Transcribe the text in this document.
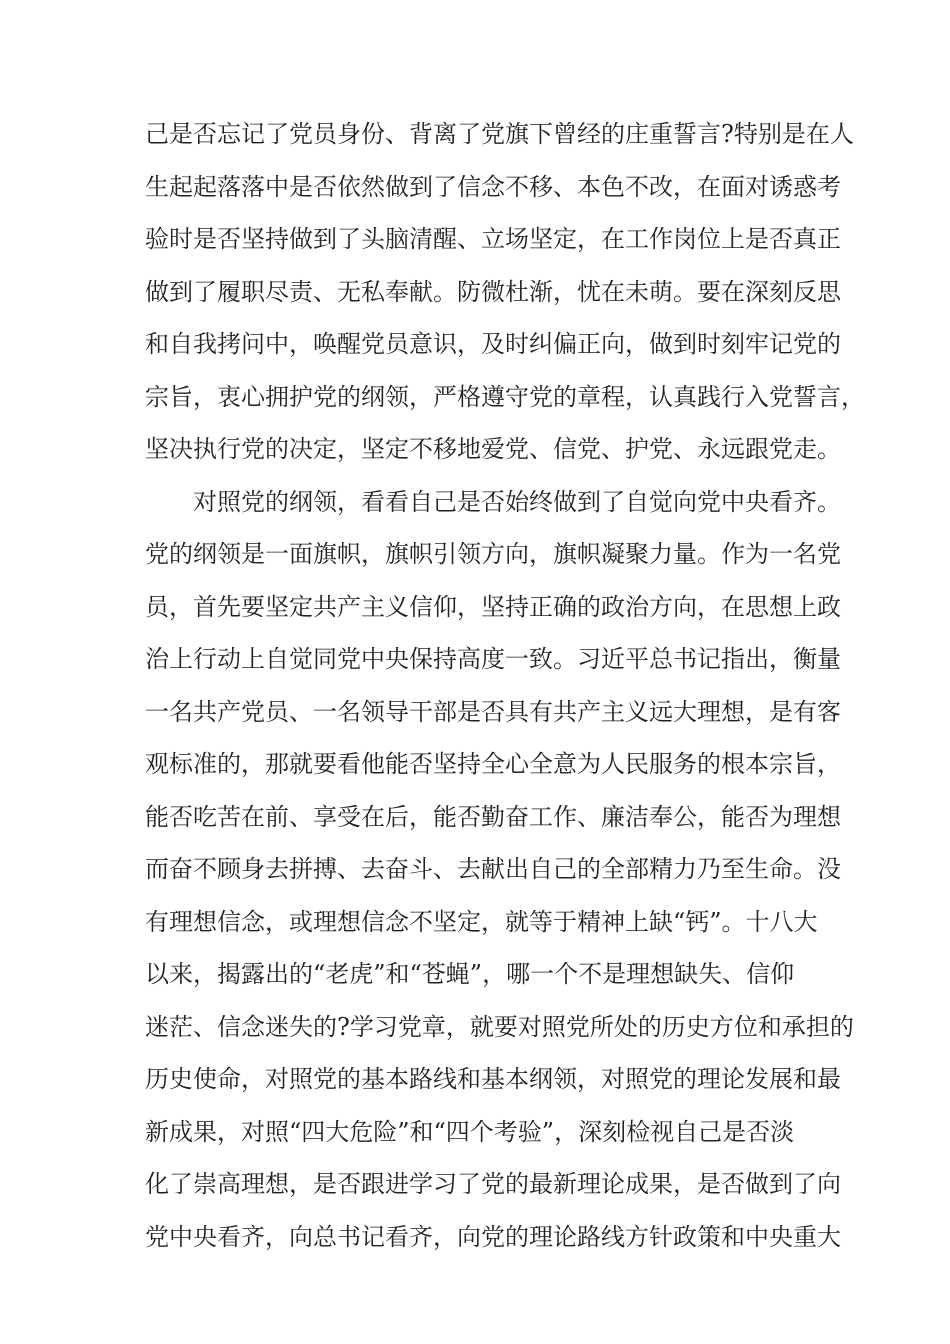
己是否忘记了党员身份、背离了党旗下曾经的庄重誓言?特别是在人
生起起落落中是否依然做到了信念不移、本色不改，在面对诱惑考
验时是否坚持做到了头脑清醒、立场坚定，在工作岗位上是否真正
做到了履职尽责、无私奉献。防微杜渐，忧在未萌。要在深刻反思
和自我拷问中，唤醒党员意识，及时纠偏正向，做到时刻牢记党的
宗旨，衷心拥护党的纲领，严格遵守党的章程，认真践行入党誓言，
坚决执行党的决定，坚定不移地爱党、信党、护党、永远跟党走。
对照党的纲领，看看自己是否始终做到了自觉向党中央看齐。
党的纲领是一面旗帜，旗帜引领方向，旗帜凝聚力量。作为一名党
员，首先要坚定共产主义信仰，坚持正确的政治方向，在思想上政
治上行动上自觉同党中央保持高度一致。习近平总书记指出，衡量
一名共产党员、一名领导干部是否具有共产主义远大理想，是有客
观标准的，那就要看他能否坚持全心全意为人民服务的根本宗旨，
能否吃苦在前、享受在后，能否勤奋工作、廉洁奉公，能否为理想
而奋不顾身去拼搏、去奋斗、去献出自己的全部精力乃至生命。没
有理想信念，或理想信念不坚定，就等于精神上缺“钙”。十八大
以来，揭露出的“老虎”和“苍蝇”，哪一个不是理想缺失、信仰
迷茫、信念迷失的?学习党章，就要对照党所处的历史方位和承担的
历史使命，对照党的基本路线和基本纲领，对照党的理论发展和最
新成果，对照“四大危险”和“四个考验”，深刻检视自己是否淡
化了崇高理想，是否跟进学习了党的最新理论成果，是否做到了向
党中央看齐，向总书记看齐，向党的理论路线方针政策和中央重大
